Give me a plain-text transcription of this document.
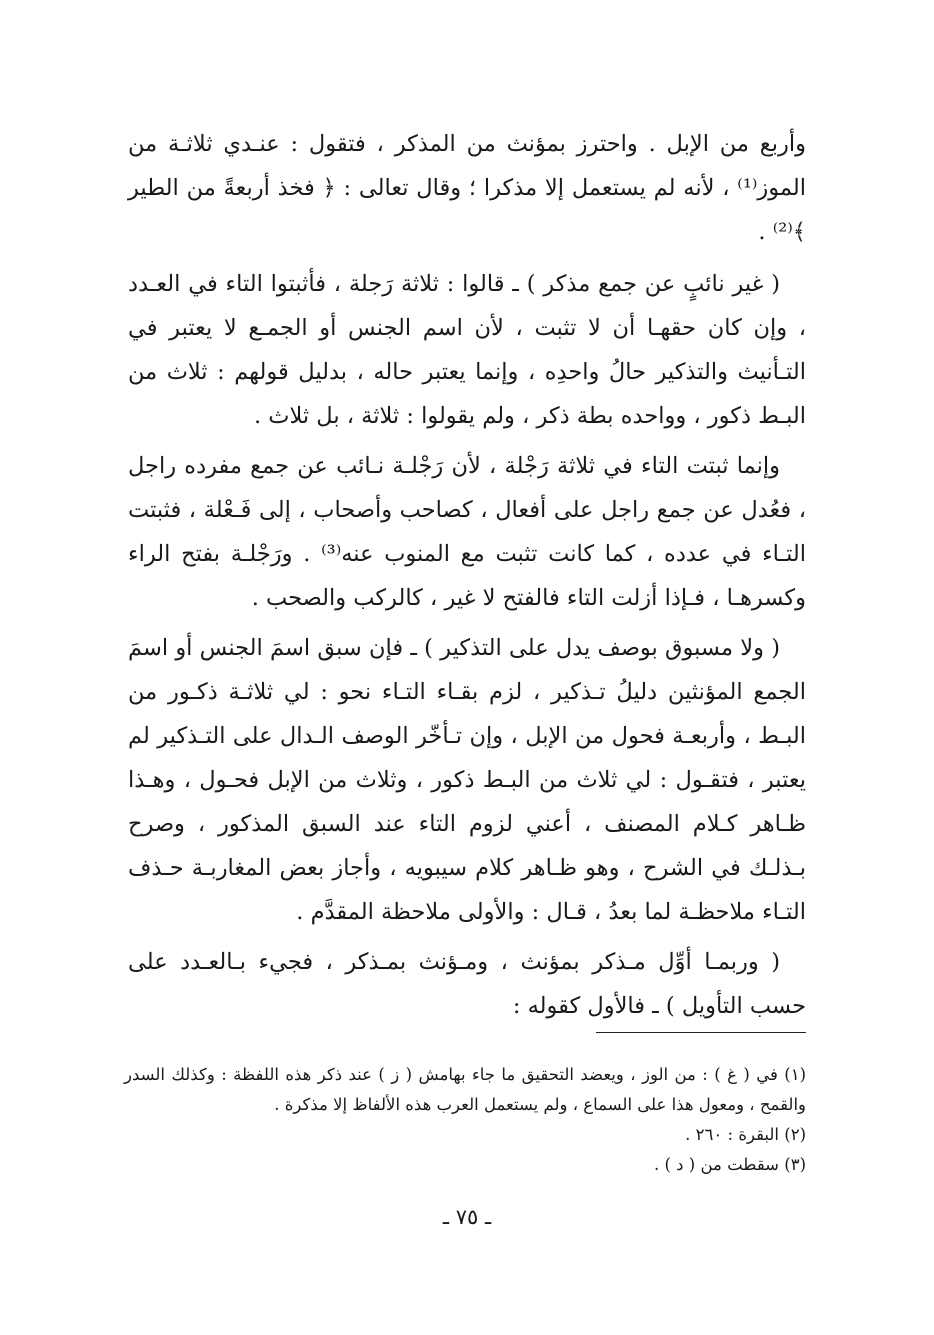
وأربع من الإبل . واحترز بمؤنث من المذكر ، فتقول : عنـدي ثلاثـة من الموز⁽¹⁾ ، لأنه لم يستعمل إلا مذكرا ؛ وقال تعالى : ﴿ فخذ أربعةً من الطير ﴾⁽²⁾ .

( غير نائبٍ عن جمع مذكر ) ـ قالوا : ثلاثة رَجلة ، فأثبتوا التاء في العـدد ، وإن كان حقهـا أن لا تثبت ، لأن اسم الجنس أو الجمـع لا يعتبر في التـأنيث والتذكير حالُ واحدِه ، وإنما يعتبر حاله ، بدليل قولهم : ثلاث من البـط ذكور ، وواحده بطة ذكر ، ولم يقولوا : ثلاثة ، بل ثلاث .

وإنما ثبتت التاء في ثلاثة رَجْلة ، لأن رَجْلـة نـائب عن جمع مفرده راجل ، فعُدل عن جمع راجل على أفعال ، كصاحب وأصحاب ، إلى فَـعْلة ، فثبتت التـاء في عدده ، كما كانت تثبت مع المنوب عنه⁽³⁾ . ورَجْلـة بفتح الراء وكسرهـا ، فـإذا أزلت التاء فالفتح لا غير ، كالركب والصحب .

( ولا مسبوق بوصف يدل على التذكير ) ـ فإن سبق اسمَ الجنس أو اسمَ الجمع المؤنثين دليلُ تـذكير ، لزم بقـاء التـاء نحو : لي ثلاثـة ذكـور من البـط ، وأربعـة فحول من الإبل ، وإن تـأخّر الوصف الـدال على التـذكير لم يعتبر ، فتقـول : لي ثلاث من البـط ذكور ، وثلاث من الإبل فحـول ، وهـذا ظـاهر كـلام المصنف ، أعني لزوم التاء عند السبق المذكور ، وصرح بـذلـك في الشرح ، وهو ظـاهر كلام سيبويه ، وأجاز بعض المغاربـة حـذف التـاء ملاحظـة لما بعدُ ، قـال : والأولى ملاحظة المقدَّم .

( وربمـا أوِّل مـذكر بمؤنث ، ومـؤنث بمـذكر ، فجيء بـالعـدد على حسب التأويل ) ـ فالأول كقوله :

(١) في ( غ ) : من الوز ، ويعضد التحقيق ما جاء بهامش ( ز ) عند ذكر هذه اللفظة : وكذلك السدر والقمح ، ومعول هذا على السماع ، ولم يستعمل العرب هذه الألفاظ إلا مذكرة .

(٢) البقرة : ٢٦٠ .

(٣) سقطت من ( د ) .

ـ ٧٥ ـ
